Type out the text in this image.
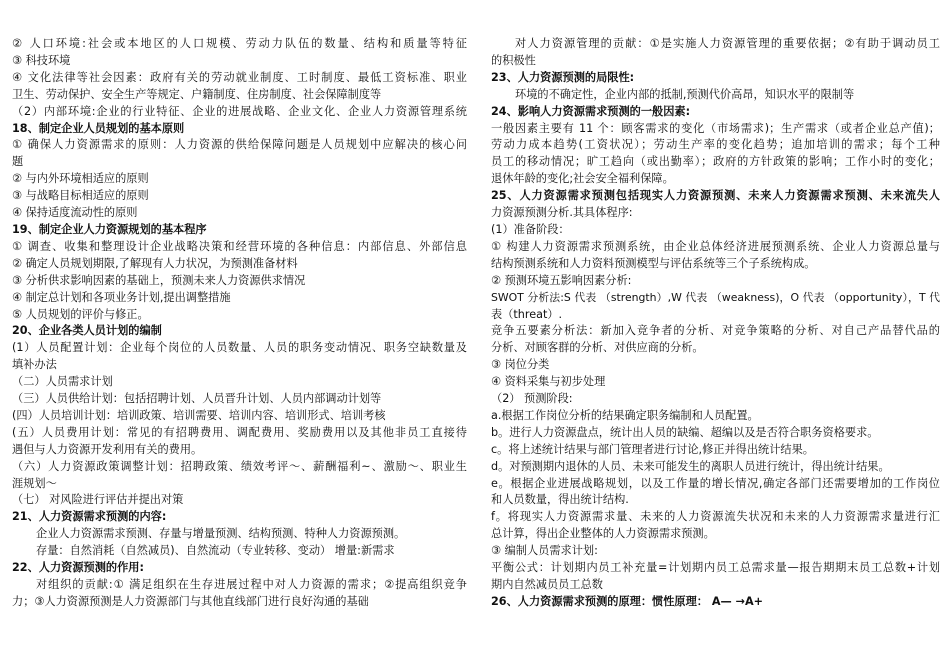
② 人口环境:社会或本地区的人口规模、劳动力队伍的数量、结构和质量等特征
③ 科技环境
④ 文化法律等社会因素：政府有关的劳动就业制度、工时制度、最低工资标准、职业
卫生、劳动保护、安全生产等规定、户籍制度、住房制度、社会保障制度等
（2）内部环境:企业的行业特征、企业的进展战略、企业文化、企业人力资源管理系统
18、制定企业人员规划的基本原则
① 确保人力资源需求的原则：人力资源的供给保障问题是人员规划中应解决的核心问
题
② 与内外环境相适应的原则
③ 与战略目标相适应的原则
④ 保持适度流动性的原则
19、制定企业人力资源规划的基本程序
① 调查、收集和整理设计企业战略决策和经营环境的各种信息：内部信息、外部信息
② 确定人员规划期限,了解现有人力状况，为预测准备材料
③ 分析供求影响因素的基础上，预测未来人力资源供求情况
④ 制定总计划和各项业务计划,提出调整措施
⑤ 人员规划的评价与修正。
20、企业各类人员计划的编制
(1）人员配置计划：企业每个岗位的人员数量、人员的职务变动情况、职务空缺数量及
填补办法
（二）人员需求计划
（三）人员供给计划：包括招聘计划、人员晋升计划、人员内部调动计划等
(四）人员培训计划：培训政策、培训需要、培训内容、培训形式、培训考核
(五）人员费用计划：常见的有招聘费用、调配费用、奖励费用以及其他非员工直接待
遇但与人力资源开发利用有关的费用。
（六）人力资源政策调整计划：招聘政策、绩效考评～、薪酬福利~、激励～、职业生
涯规划～
（七） 对风险进行评估并提出对策
21、人力资源需求预测的内容:
企业人力资源需求预测、存量与增量预测、结构预测、特种人力资源预测。
存量：自然消耗（自然减员)、自然流动（专业转移、变动） 增量:新需求
22、人力资源预测的作用:
对组织的贡献:① 满足组织在生存进展过程中对人力资源的需求；②提高组织竞争
力；③人力资源预测是人力资源部门与其他直线部门进行良好沟通的基础
对人力资源管理的贡献：①是实施人力资源管理的重要依据；②有助于调动员工
的积极性
23、人力资源预测的局限性:
环境的不确定性，企业内部的抵制,预测代价高昂，知识水平的限制等
24、影响人力资源需求预测的一般因素:
一般因素主要有 11 个：顾客需求的变化（市场需求)；生产需求（或者企业总产值)；
劳动力成本趋势(工资状况）；劳动生产率的变化趋势；追加培训的需求；每个工种
员工的移动情况；旷工趋向（或出勤率）；政府的方针政策的影响；工作小时的变化；
退休年龄的变化;社会安全福利保障。
25、人力资源需求预测包括现实人力资源预测、未来人力资源需求预测、未来流失人
力资源预测分析.其具体程序:
(1）准备阶段：
① 构建人力资源需求预测系统，由企业总体经济进展预测系统、企业人力资源总量与
结构预测系统和人力资料预测模型与评估系统等三个子系统构成。
② 预测环境五影响因素分析:
SWOT 分析法:S 代表 （strength）,W 代表 （weakness)，O 代表 （opportunity），T 代
表（threat）.
竞争五要素分析法：新加入竞争者的分析、对竞争策略的分析、对自己产品替代品的
分析、对顾客群的分析、对供应商的分析。
③ 岗位分类
④ 资料采集与初步处理
（2） 预测阶段:
a.根据工作岗位分析的结果确定职务编制和人员配置。
b。进行人力资源盘点，统计出人员的缺编、超编以及是否符合职务资格要求。
c。将上述统计结果与部门管理者进行讨论,修正并得出统计结果。
d。对预测期内退休的人员、未来可能发生的离职人员进行统计，得出统计结果。
e。根据企业进展战略规划，以及工作量的增长情况,确定各部门还需要增加的工作岗位
和人员数量，得出统计结构.
f。将现实人力资源需求量、未来的人力资源流失状况和未来的人力资源需求量进行汇
总计算，得出企业整体的人力资源需求预测。
③ 编制人员需求计划:
平衡公式：计划期内员工补充量=计划期内员工总需求量—报告期期末员工总数+计划
期内自然减员员工总数
26、人力资源需求预测的原理：惯性原理： A— →A+
